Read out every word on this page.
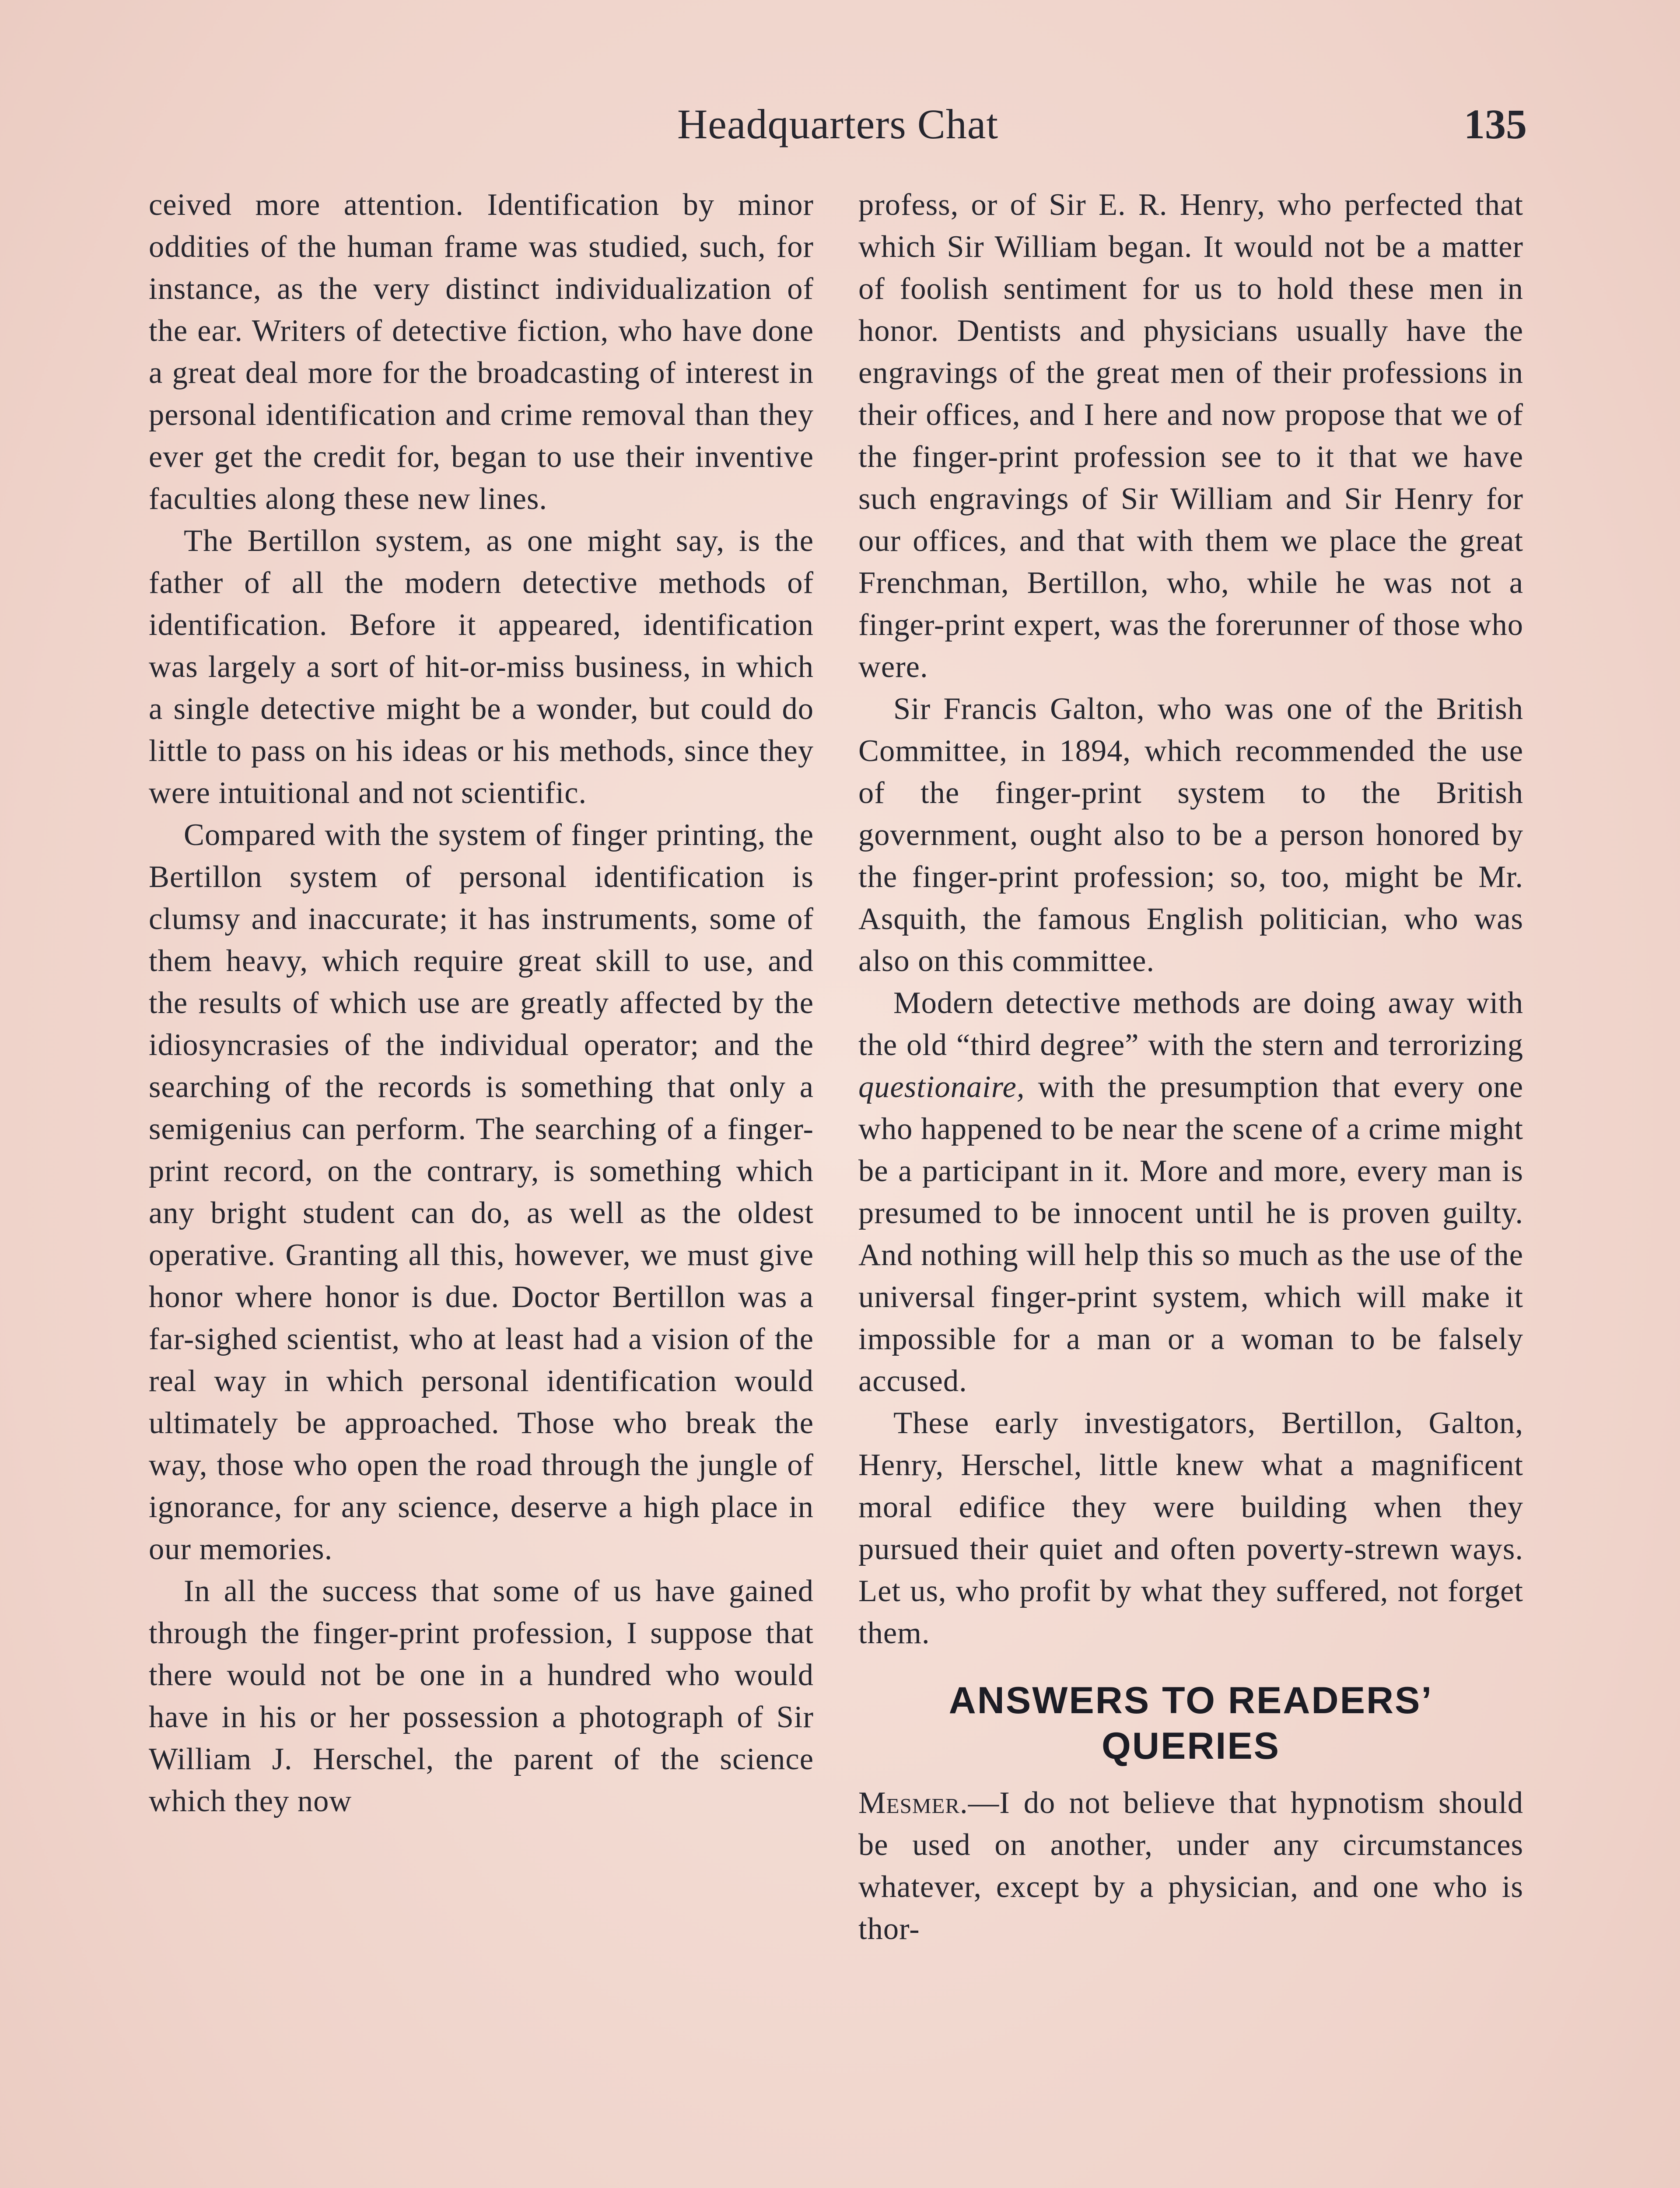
Headquarters Chat	135

ceived more attention. Identification by minor oddities of the human frame was studied, such, for instance, as the very distinct individualization of the ear. Writers of detective fiction, who have done a great deal more for the broadcasting of interest in personal identification and crime removal than they ever get the credit for, began to use their inventive faculties along these new lines.

The Bertillon system, as one might say, is the father of all the modern detective methods of identification. Before it appeared, identification was largely a sort of hit-or-miss business, in which a single detective might be a wonder, but could do little to pass on his ideas or his methods, since they were intuitional and not scientific.

Compared with the system of finger printing, the Bertillon system of personal identification is clumsy and inaccurate; it has instruments, some of them heavy, which require great skill to use, and the results of which use are greatly affected by the idiosyncrasies of the individual operator; and the searching of the records is something that only a semigenius can perform. The searching of a finger-print record, on the contrary, is something which any bright student can do, as well as the oldest operative. Granting all this, however, we must give honor where honor is due. Doctor Bertillon was a far-sighed scientist, who at least had a vision of the real way in which personal identification would ultimately be approached. Those who break the way, those who open the road through the jungle of ignorance, for any science, deserve a high place in our memories.

In all the success that some of us have gained through the finger-print profession, I suppose that there would not be one in a hundred who would have in his or her possession a photograph of Sir William J. Herschel, the parent of the science which they now

profess, or of Sir E. R. Henry, who perfected that which Sir William began. It would not be a matter of foolish sentiment for us to hold these men in honor. Dentists and physicians usually have the engravings of the great men of their professions in their offices, and I here and now propose that we of the finger-print profession see to it that we have such engravings of Sir William and Sir Henry for our offices, and that with them we place the great Frenchman, Bertillon, who, while he was not a finger-print expert, was the forerunner of those who were.

Sir Francis Galton, who was one of the British Committee, in 1894, which recommended the use of the finger-print system to the British government, ought also to be a person honored by the finger-print profession; so, too, might be Mr. Asquith, the famous English politician, who was also on this committee.

Modern detective methods are doing away with the old “third degree” with the stern and terrorizing questionaire, with the presumption that every one who happened to be near the scene of a crime might be a participant in it. More and more, every man is presumed to be innocent until he is proven guilty. And nothing will help this so much as the use of the universal finger-print system, which will make it impossible for a man or a woman to be falsely accused.

These early investigators, Bertillon, Galton, Henry, Herschel, little knew what a magnificent moral edifice they were building when they pursued their quiet and often poverty-strewn ways. Let us, who profit by what they suffered, not forget them.

ANSWERS TO READERS’ QUERIES

Mesmer.—I do not believe that hypnotism should be used on another, under any circumstances whatever, except by a physician, and one who is thor-
